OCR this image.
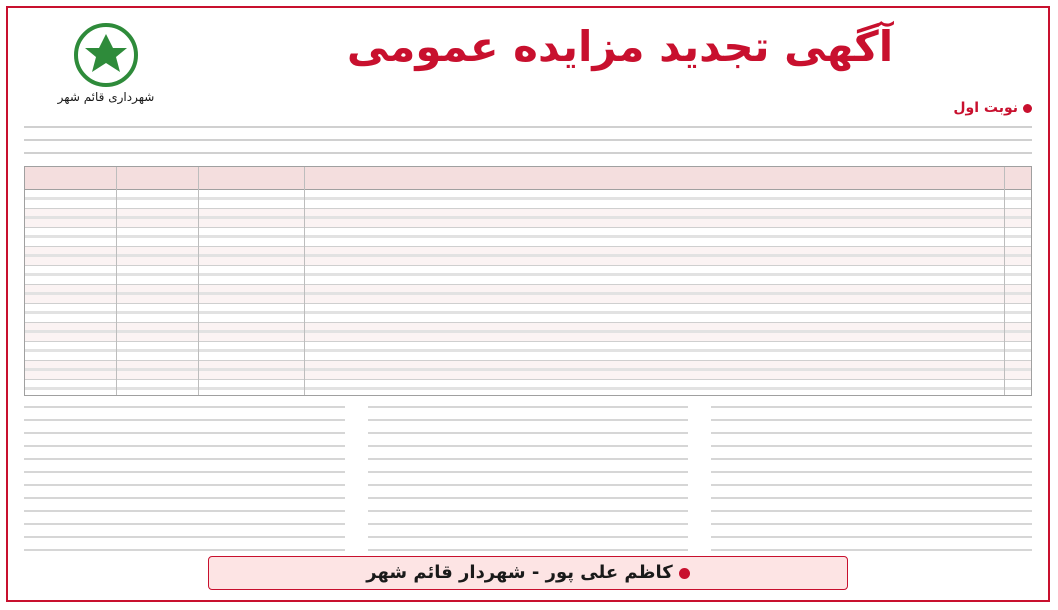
شهرداری قائم شهر
آگهی تجدید مزایده عمومی
نوبت اول
کاظم علی پور - شهردار قائم شهر
